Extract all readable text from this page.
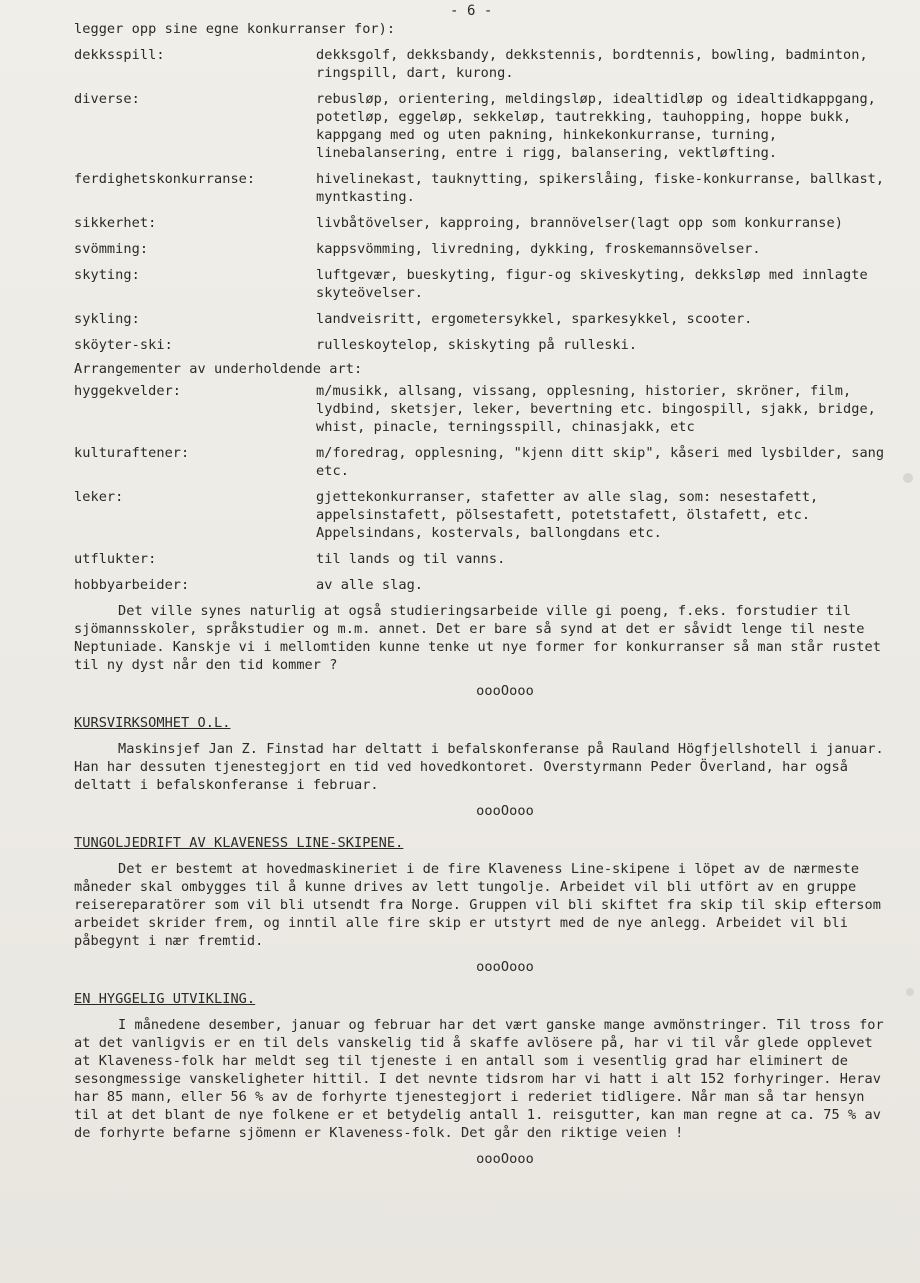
- 6 -

legger opp sine egne konkurranser for):

dekksspill:	dekksgolf, dekksbandy, dekkstennis, bordtennis, bowling, badminton, ringspill, dart, kurong.
diverse:	rebusløp, orientering, meldingsløp, idealtidløp og idealtidkappgang, potetløp, eggeløp, sekkeløp, tautrekking, tauhopping, hoppe bukk, kappgang med og uten pakning, hinkekonkurranse, turning, linebalansering, entre i rigg, balansering, vektløfting.
ferdighetskonkurranse:	hivelinekast, tauknytting, spikerslåing, fiske-konkurranse, ballkast, myntkasting.
sikkerhet:	livbåtövelser, kapproing, brannövelser(lagt opp som konkurranse)
svömming:	kappsvömming, livredning, dykking, froskemannsövelser.
skyting:	luftgevær, bueskyting, figur-og skiveskyting, dekksløp med innlagte skyteövelser.
sykling:	landveisritt, ergometersykkel, sparkesykkel, scooter.
sköyter-ski:	rulleskoytelop, skiskyting på rulleski.
Arrangementer av underholdende art:
hyggekvelder:	m/musikk, allsang, vissang, opplesning, historier, skröner, film, lydbind, sketsjer, leker, bevertning etc. bingospill, sjakk, bridge, whist, pinacle, terningsspill, chinasjakk, etc
kulturaftener:	m/foredrag, opplesning, "kjenn ditt skip", kåseri med lysbilder, sang etc.
leker:	gjettekonkurranser, stafetter av alle slag, som: nesestafett, appelsinstafett, pölsestafett, potetstafett, ölstafett, etc. Appelsindans, kostervals, ballongdans etc.
utflukter:	til lands og til vanns.
hobbyarbeider:	av alle slag.

Det ville synes naturlig at også studieringsarbeide ville gi poeng, f.eks. forstudier til sjömannsskoler, språkstudier og m.m. annet. Det er bare så synd at det er såvidt lenge til neste Neptuniade. Kanskje vi i mellomtiden kunne tenke ut nye former for konkurranser så man står rustet til ny dyst når den tid kommer ?

oooOooo
KURSVIRKSOMHET O.L.

Maskinsjef Jan Z. Finstad har deltatt i befalskonferanse på Rauland Högfjellshotell i januar. Han har dessuten tjenestegjort en tid ved hovedkontoret. Overstyrmann Peder Överland, har også deltatt i befalskonferanse i februar.

oooOooo
TUNGOLJEDRIFT AV KLAVENESS LINE-SKIPENE.

Det er bestemt at hovedmaskineriet i de fire Klaveness Line-skipene i löpet av de nærmeste måneder skal ombygges til å kunne drives av lett tungolje. Arbeidet vil bli utfört av en gruppe reisereparatörer som vil bli utsendt fra Norge. Gruppen vil bli skiftet fra skip til skip eftersom arbeidet skrider frem, og inntil alle fire skip er utstyrt med de nye anlegg. Arbeidet vil bli påbegynt i nær fremtid.

oooOooo
EN HYGGELIG UTVIKLING.

I månedene desember, januar og februar har det vært ganske mange avmönstringer. Til tross for at det vanligvis er en til dels vanskelig tid å skaffe avlösere på, har vi til vår glede opplevet at Klaveness-folk har meldt seg til tjeneste i en antall som i vesentlig grad har eliminert de sesongmessige vanskeligheter hittil. I det nevnte tidsrom har vi hatt i alt 152 forhyringer. Herav har 85 mann, eller 56 % av de forhyrte tjenestegjort i rederiet tidligere. Når man så tar hensyn til at det blant de nye folkene er et betydelig antall 1. reisgutter, kan man regne at ca. 75 % av de forhyrte befarne sjömenn er Klaveness-folk. Det går den riktige veien !

oooOooo
